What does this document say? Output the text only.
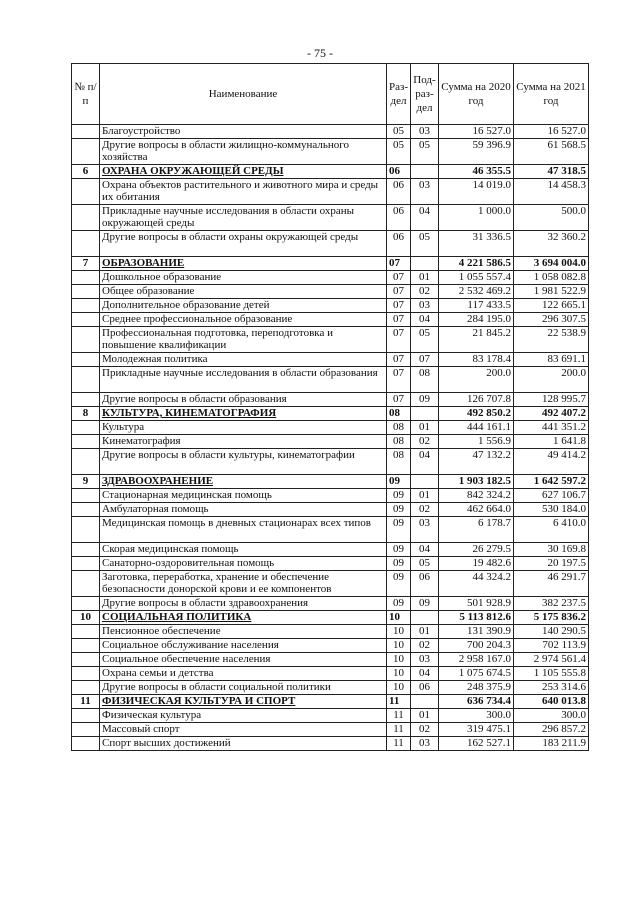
- 75 -
№ п/п	Наименование	Раз-дел	Под-раз-дел	Сумма на 2020 год	Сумма на 2021 год
	Благоустройство	05	03	16 527.0	16 527.0
	Другие вопросы в области жилищно-коммунального хозяйства	05	05	59 396.9	61 568.5
6	ОХРАНА ОКРУЖАЮЩЕЙ СРЕДЫ	06		46 355.5	47 318.5
	Охрана объектов растительного и животного мира и среды их обитания	06	03	14 019.0	14 458.3
	Прикладные научные исследования в области охраны окружающей среды	06	04	1 000.0	500.0
	Другие вопросы в области охраны окружающей среды	06	05	31 336.5	32 360.2
7	ОБРАЗОВАНИЕ	07		4 221 586.5	3 694 004.0
	Дошкольное образование	07	01	1 055 557.4	1 058 082.8
	Общее образование	07	02	2 532 469.2	1 981 522.9
	Дополнительное образование детей	07	03	117 433.5	122 665.1
	Среднее профессиональное образование	07	04	284 195.0	296 307.5
	Профессиональная подготовка, переподготовка и повышение квалификации	07	05	21 845.2	22 538.9
	Молодежная политика	07	07	83 178.4	83 691.1
	Прикладные научные исследования в области образования	07	08	200.0	200.0
	Другие вопросы в области образования	07	09	126 707.8	128 995.7
8	КУЛЬТУРА, КИНЕМАТОГРАФИЯ	08		492 850.2	492 407.2
	Культура	08	01	444 161.1	441 351.2
	Кинематография	08	02	1 556.9	1 641.8
	Другие вопросы в области культуры, кинематографии	08	04	47 132.2	49 414.2
9	ЗДРАВООХРАНЕНИЕ	09		1 903 182.5	1 642 597.2
	Стационарная медицинская помощь	09	01	842 324.2	627 106.7
	Амбулаторная помощь	09	02	462 664.0	530 184.0
	Медицинская помощь в дневных стационарах всех типов	09	03	6 178.7	6 410.0
	Скорая медицинская помощь	09	04	26 279.5	30 169.8
	Санаторно-оздоровительная помощь	09	05	19 482.6	20 197.5
	Заготовка, переработка, хранение и обеспечение безопасности донорской крови и ее компонентов	09	06	44 324.2	46 291.7
	Другие вопросы в области здравоохранения	09	09	501 928.9	382 237.5
10	СОЦИАЛЬНАЯ ПОЛИТИКА	10		5 113 812.6	5 175 836.2
	Пенсионное обеспечение	10	01	131 390.9	140 290.5
	Социальное обслуживание населения	10	02	700 204.3	702 113.9
	Социальное обеспечение населения	10	03	2 958 167.0	2 974 561.4
	Охрана семьи и детства	10	04	1 075 674.5	1 105 555.8
	Другие вопросы в области социальной политики	10	06	248 375.9	253 314.6
11	ФИЗИЧЕСКАЯ КУЛЬТУРА И СПОРТ	11		636 734.4	640 013.8
	Физическая культура	11	01	300.0	300.0
	Массовый спорт	11	02	319 475.1	296 857.2
	Спорт высших достижений	11	03	162 527.1	183 211.9
